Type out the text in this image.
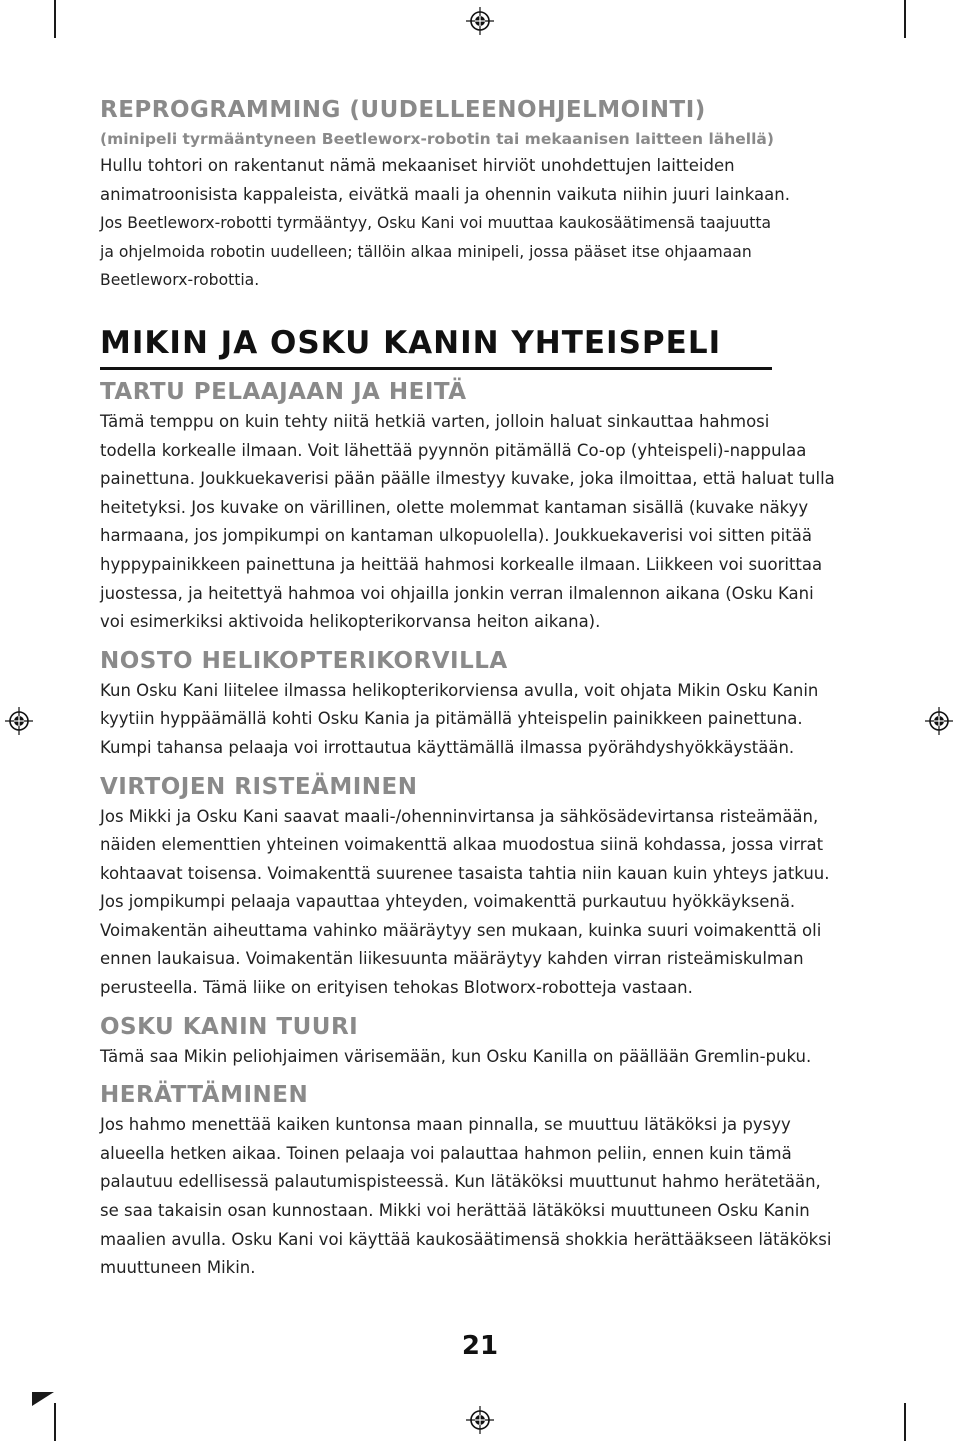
REPROGRAMMING (UUDELLEENOHJELMOINTI)
(minipeli tyrmääntyneen Beetleworx-robotin tai mekaanisen laitteen lähellä)

Hullu tohtori on rakentanut nämä mekaaniset hirviöt unohdettujen laitteiden

animatroonisista kappaleista, eivätkä maali ja ohennin vaikuta niihin juuri lainkaan.

Jos Beetleworx-robotti tyrmääntyy, Osku Kani voi muuttaa kaukosäätimensä taajuutta

ja ohjelmoida robotin uudelleen; tällöin alkaa minipeli, jossa pääset itse ohjaamaan

Beetleworx-robottia.

MIKIN JA OSKU KANIN YHTEISPELI
TARTU PELAAJAAN JA HEITÄ

Tämä temppu on kuin tehty niitä hetkiä varten, jolloin haluat sinkauttaa hahmosi

todella korkealle ilmaan. Voit lähettää pyynnön pitämällä Co-op (yhteispeli)-nappulaa

painettuna. Joukkuekaverisi pään päälle ilmestyy kuvake, joka ilmoittaa, että haluat tulla

heitetyksi. Jos kuvake on värillinen, olette molemmat kantaman sisällä (kuvake näkyy

harmaana, jos jompikumpi on kantaman ulkopuolella). Joukkuekaverisi voi sitten pitää

hyppypainikkeen painettuna ja heittää hahmosi korkealle ilmaan. Liikkeen voi suorittaa

juostessa, ja heitettyä hahmoa voi ohjailla jonkin verran ilmalennon aikana (Osku Kani

voi esimerkiksi aktivoida helikopterikorvansa heiton aikana).

NOSTO HELIKOPTERIKORVILLA

Kun Osku Kani liitelee ilmassa helikopterikorviensa avulla, voit ohjata Mikin Osku Kanin

kyytiin hyppäämällä kohti Osku Kania ja pitämällä yhteispelin painikkeen painettuna.

Kumpi tahansa pelaaja voi irrottautua käyttämällä ilmassa pyörähdyshyökkäystään.

VIRTOJEN RISTEÄMINEN

Jos Mikki ja Osku Kani saavat maali-/ohenninvirtansa ja sähkösädevirtansa risteämään,

näiden elementtien yhteinen voimakenttä alkaa muodostua siinä kohdassa, jossa virrat

kohtaavat toisensa. Voimakenttä suurenee tasaista tahtia niin kauan kuin yhteys jatkuu.

Jos jompikumpi pelaaja vapauttaa yhteyden, voimakenttä purkautuu hyökkäyksenä.

Voimakentän aiheuttama vahinko määräytyy sen mukaan, kuinka suuri voimakenttä oli

ennen laukaisua. Voimakentän liikesuunta määräytyy kahden virran risteämiskulman

perusteella. Tämä liike on erityisen tehokas Blotworx-robotteja vastaan.

OSKU KANIN TUURI

Tämä saa Mikin peliohjaimen värisemään, kun Osku Kanilla on päällään Gremlin-puku.

HERÄTTÄMINEN

Jos hahmo menettää kaiken kuntonsa maan pinnalla, se muuttuu lätäköksi ja pysyy

alueella hetken aikaa. Toinen pelaaja voi palauttaa hahmon peliin, ennen kuin tämä

palautuu edellisessä palautumispisteessä. Kun lätäköksi muuttunut hahmo herätetään,

se saa takaisin osan kunnostaan. Mikki voi herättää lätäköksi muuttuneen Osku Kanin

maalien avulla. Osku Kani voi käyttää kaukosäätimensä shokkia herättääkseen lätäköksi

muuttuneen Mikin.

21
